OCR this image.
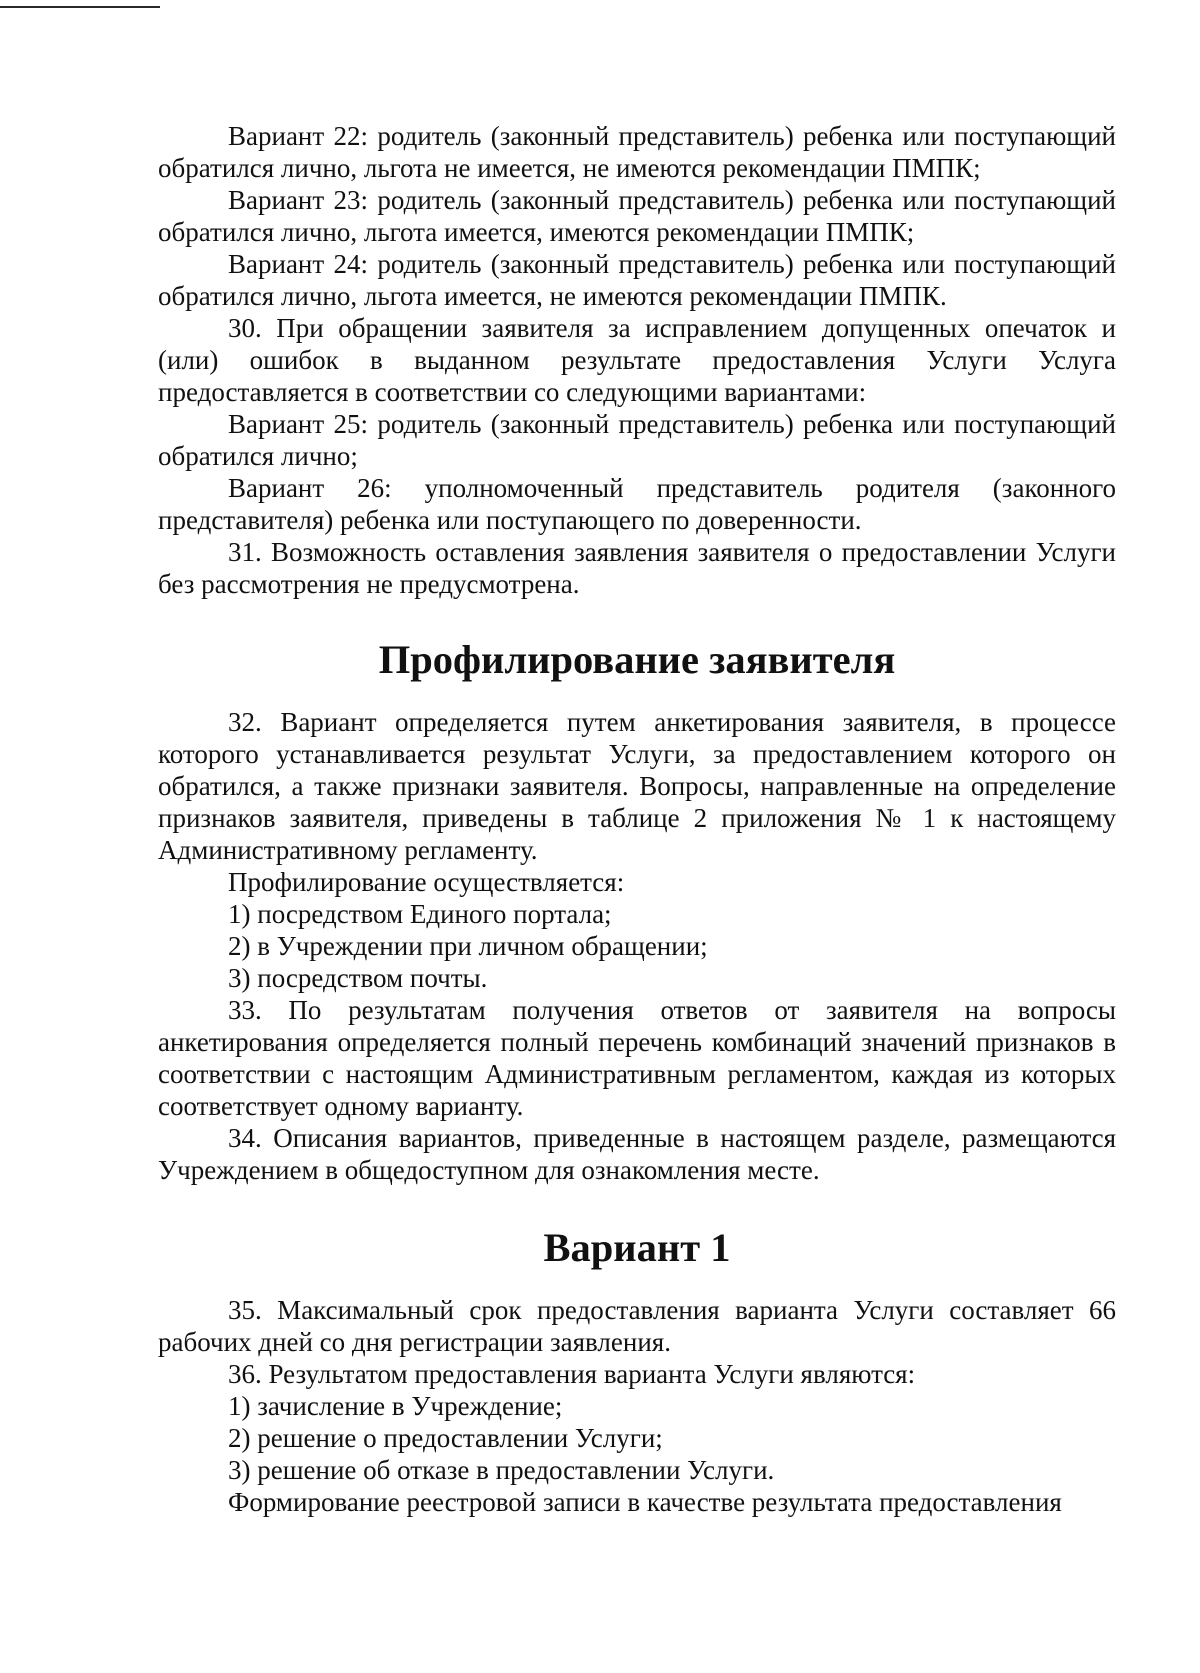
Вариант 22: родитель (законный представитель) ребенка или поступающий обратился лично, льгота не имеется, не имеются рекомендации ПМПК;

Вариант 23: родитель (законный представитель) ребенка или поступающий обратился лично, льгота имеется, имеются рекомендации ПМПК;

Вариант 24: родитель (законный представитель) ребенка или поступающий обратился лично, льгота имеется, не имеются рекомендации ПМПК.

30. При обращении заявителя за исправлением допущенных опечаток и (или) ошибок в выданном результате предоставления Услуги Услуга предоставляется в соответствии со следующими вариантами:

Вариант 25: родитель (законный представитель) ребенка или поступающий обратился лично;

Вариант 26: уполномоченный представитель родителя (законного представителя) ребенка или поступающего по доверенности.

31. Возможность оставления заявления заявителя о предоставлении Услуги без рассмотрения не предусмотрена.

Профилирование заявителя

32. Вариант определяется путем анкетирования заявителя, в процессе которого устанавливается результат Услуги, за предоставлением которого он обратился, а также признаки заявителя. Вопросы, направленные на определение признаков заявителя, приведены в таблице 2 приложения № 1 к настоящему Административному регламенту.

Профилирование осуществляется:

1) посредством Единого портала;

2) в Учреждении при личном обращении;

3) посредством почты.

33. По результатам получения ответов от заявителя на вопросы анкетирования определяется полный перечень комбинаций значений признаков в соответствии с настоящим Административным регламентом, каждая из которых соответствует одному варианту.

34. Описания вариантов, приведенные в настоящем разделе, размещаются Учреждением в общедоступном для ознакомления месте.

Вариант 1

35. Максимальный срок предоставления варианта Услуги составляет 66 рабочих дней со дня регистрации заявления.

36. Результатом предоставления варианта Услуги являются:

1) зачисление в Учреждение;

2) решение о предоставлении Услуги;

3) решение об отказе в предоставлении Услуги.

Формирование реестровой записи в качестве результата предоставления
